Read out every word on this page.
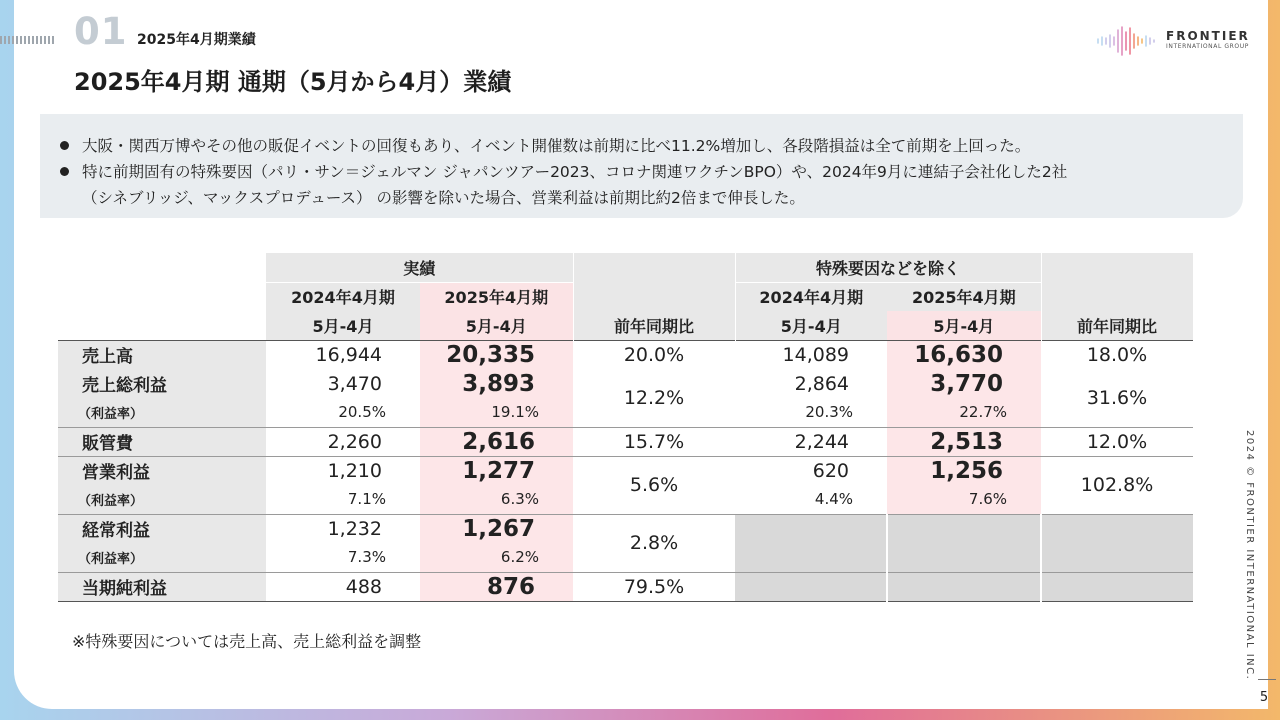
01 2025年4月期業績
2025年4月期 通期（5月から4月）業績
FRONTIER
INTERNATIONAL GROUP
大阪・関西万博やその他の販促イベントの回復もあり、イベント開催数は前期に比べ11.2%増加し、各段階損益は全て前期を上回った。
特に前期固有の特殊要因（パリ・サン＝ジェルマン ジャパンツアー2023、コロナ関連ワクチンBPO）や、2024年9月に連結子会社化した2社
（シネブリッジ、マックスプロデュース） の影響を除いた場合、営業利益は前期比約2倍まで伸長した。
	実績		前年同期比	特殊要因などを除く		前年同期比
	2024年4月期	2025年4月期		2024年4月期	2025年4月期	
	5月-4月	5月-4月		5月-4月	5月-4月	
売上高	16,944	20,335	20.0%	14,089	16,630	18.0%
売上総利益	3,470	3,893	12.2%	2,864	3,770	31.6%
（利益率）	20.5%	19.1%		20.3%	22.7%	
販管費	2,260	2,616	15.7%	2,244	2,513	12.0%
営業利益	1,210	1,277	5.6%	620	1,256	102.8%
（利益率）	7.1%	6.3%		4.4%	7.6%	
経常利益	1,232	1,267	2.8%			
（利益率）	7.3%	6.2%				
当期純利益	488	876	79.5%			
※特殊要因については売上高、売上総利益を調整	2024 © FRONTIER INTERNATIONAL INC.
5
